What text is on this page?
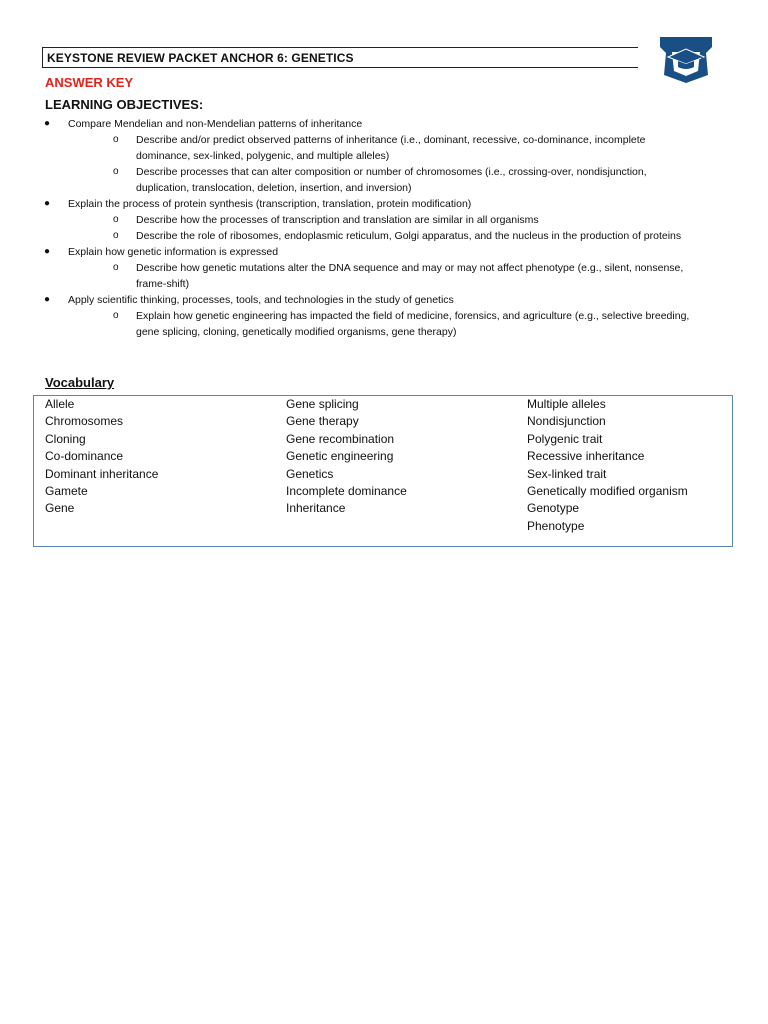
KEYSTONE REVIEW PACKET ANCHOR 6: GENETICS
ANSWER KEY
LEARNING OBJECTIVES:
● Compare Mendelian and non-Mendelian patterns of inheritance
o Describe and/or predict observed patterns of inheritance (i.e., dominant, recessive, co-dominance, incomplete dominance, sex-linked, polygenic, and multiple alleles)
o Describe processes that can alter composition or number of chromosomes (i.e., crossing-over, nondisjunction, duplication, translocation, deletion, insertion, and inversion)
● Explain the process of protein synthesis (transcription, translation, protein modification)
o Describe how the processes of transcription and translation are similar in all organisms
o Describe the role of ribosomes, endoplasmic reticulum, Golgi apparatus, and the nucleus in the production of proteins
● Explain how genetic information is expressed
o Describe how genetic mutations alter the DNA sequence and may or may not affect phenotype (e.g., silent, nonsense, frame-shift)
● Apply scientific thinking, processes, tools, and technologies in the study of genetics
o Explain how genetic engineering has impacted the field of medicine, forensics, and agriculture (e.g., selective breeding, gene splicing, cloning, genetically modified organisms, gene therapy)
Vocabulary
Allele
Chromosomes
Cloning
Co-dominance
Dominant inheritance
Gamete
Gene
Gene splicing
Gene therapy
Gene recombination
Genetic engineering
Genetics
Incomplete dominance
Inheritance
Multiple alleles
Nondisjunction
Polygenic trait
Recessive inheritance
Sex-linked trait
Genetically modified organism
Genotype
Phenotype
